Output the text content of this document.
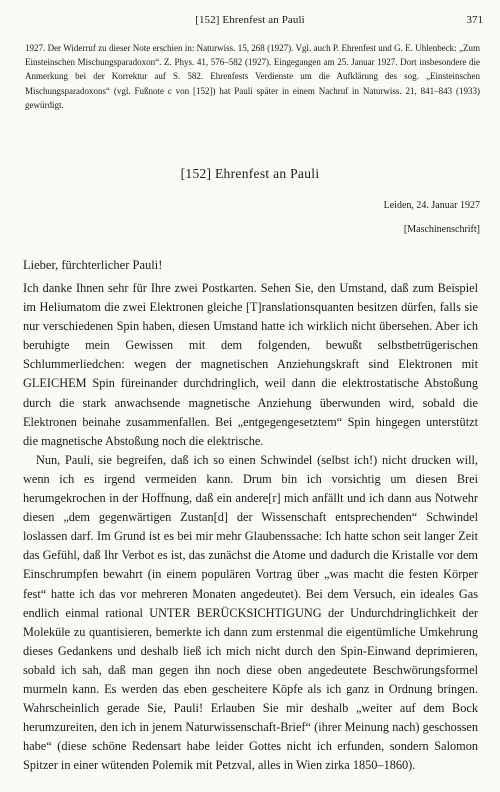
[152] Ehrenfest an Pauli	371

1927. Der Widerruf zu dieser Note erschien in: Naturwiss. 15, 268 (1927). Vgl. auch P. Ehrenfest und G. E. Uhlenbeck: „Zum Einsteinschen Mischungsparadoxon“. Z. Phys. 41, 576–582 (1927). Eingegangen am 25. Januar 1927. Dort insbesondere die Anmerkung bei der Korrektur auf S. 582. Ehrenfests Verdienste um die Aufklärung des sog. „Einsteinschen Mischungsparadoxons“ (vgl. Fußnote c von [152]) hat Pauli später in einem Nachruf in Naturwiss. 21, 841–843 (1933) gewürdigt.

[152] Ehrenfest an Pauli
Leiden, 24. Januar 1927
[Maschinenschrift]
Lieber, fürchterlicher Pauli!

Ich danke Ihnen sehr für Ihre zwei Postkarten. Sehen Sie, den Umstand, daß zum Beispiel im Heliumatom die zwei Elektronen gleiche [T]ranslationsquanten besitzen dürfen, falls sie nur verschiedenen Spin haben, diesen Umstand hatte ich wirklich nicht übersehen. Aber ich beruhigte mein Gewissen mit dem folgenden, bewußt selbstbetrügerischen Schlummerliedchen: wegen der magnetischen Anziehungskraft sind Elektronen mit GLEICHEM Spin füreinander durchdringlich, weil dann die elektrostatische Abstoßung durch die stark anwachsende magnetische Anziehung überwunden wird, sobald die Elektronen beinahe zusammenfallen. Bei „entgegengesetztem“ Spin hingegen unterstützt die magnetische Abstoßung noch die elektrische.

Nun, Pauli, sie begreifen, daß ich so einen Schwindel (selbst ich!) nicht drucken will, wenn ich es irgend vermeiden kann. Drum bin ich vorsichtig um diesen Brei herumgekrochen in der Hoffnung, daß ein andere[r] mich anfällt und ich dann aus Notwehr diesen „dem gegenwärtigen Zustan[d] der Wissenschaft entsprechenden“ Schwindel loslassen darf. Im Grund ist es bei mir mehr Glaubenssache: Ich hatte schon seit langer Zeit das Gefühl, daß Ihr Verbot es ist, das zunächst die Atome und dadurch die Kristalle vor dem Einschrumpfen bewahrt (in einem populären Vortrag über „was macht die festen Körper fest“ hatte ich das vor mehreren Monaten angedeutet). Bei dem Versuch, ein ideales Gas endlich einmal rational UNTER BERÜCKSICHTIGUNG der Undurchdringlichkeit der Moleküle zu quantisieren, bemerkte ich dann zum erstenmal die eigentümliche Umkehrung dieses Gedankens und deshalb ließ ich mich nicht durch den Spin-Einwand deprimieren, sobald ich sah, daß man gegen ihn noch diese oben angedeutete Beschwörungsformel murmeln kann. Es werden das eben gescheitere Köpfe als ich ganz in Ordnung bringen. Wahrscheinlich gerade Sie, Pauli! Erlauben Sie mir deshalb „weiter auf dem Bock herumzureiten, den ich in jenem Naturwissenschaft-Brief“ (ihrer Meinung nach) geschossen habe“ (diese schöne Redensart habe leider Gottes nicht ich erfunden, sondern Salomon Spitzer in einer wütenden Polemik mit Petzval, alles in Wien zirka 1850–1860).
